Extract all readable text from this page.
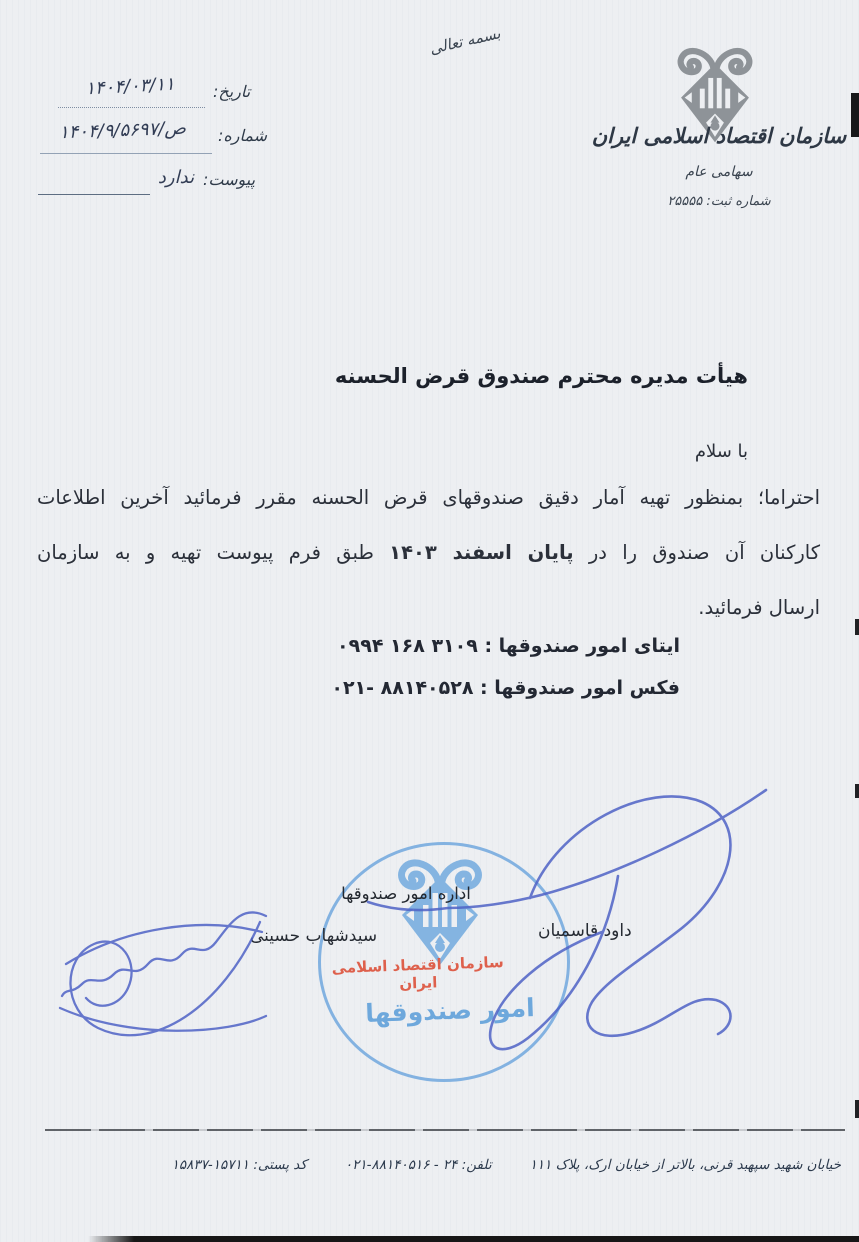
بسمه تعالی
سازمان اقتصاد اسلامی ایران
سهامی عام
شماره ثبت: ۲۵۵۵۵
تاریخ:
۱۴۰۴/۰۳/۱۱
شماره:
۱۴۰۴/ص/۹/۵۶۹۷
پیوست:
ندارد
هیأت مدیره محترم صندوق قرض الحسنه
با سلام
احتراما؛ بمنظور تهیه آمار دقیق صندوقهای قرض الحسنه مقرر فرمائید آخرین اطلاعات
کارکنان آن صندوق را در پایان اسفند ۱۴۰۳ طبق فرم پیوست تهیه و به سازمان
ارسال فرمائید.
ایتای امور صندوقها : ۰۹۹۴ ۱۶۸ ۳۱۰۹
فکس امور صندوقها : ۰۲۱- ۸۸۱۴۰۵۲۸
اداره امور صندوقها
داود قاسمیان
سیدشهاب حسینی
سازمان اقتصاد اسلامی ایران
امور صندوقها
خیابان شهید سپهبد قرنی، بالاتر از خیابان ارک، پلاک ۱۱۱
تلفن: ۰۲۱-۸۸۱۴۰۵۱۶ - ۲۴
کد پستی: ۱۵۸۳۷-۱۵۷۱۱
